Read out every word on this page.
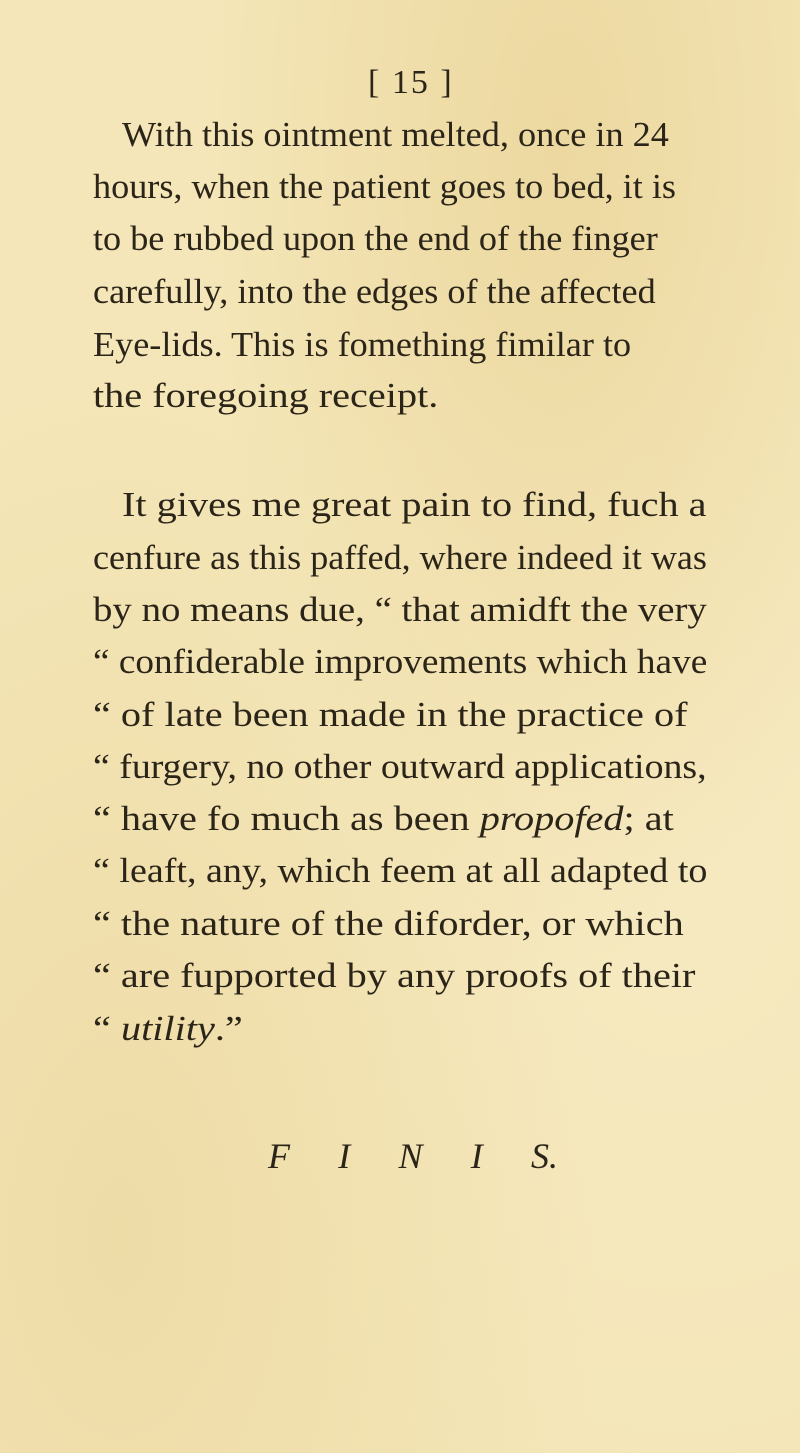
[ 15 ]
With this ointment melted, once in 24
hours, when the patient goes to bed, it is
to be rubbed upon the end of the finger
carefully, into the edges of the affected
Eye-lids. This is fomething fimilar to
the foregoing receipt.
It gives me great pain to find, fuch a
cenfure as this paffed, where indeed it was
by no means due, “ that amidft the very
“ confiderable improvements which have
“ of late been made in the practice of
“ furgery, no other outward applications,
“ have fo much as been propofed; at
“ leaft, any, which feem at all adapted to
“ the nature of the diforder, or which
“ are fupported by any proofs of their
“ utility.”
F I N I S.
